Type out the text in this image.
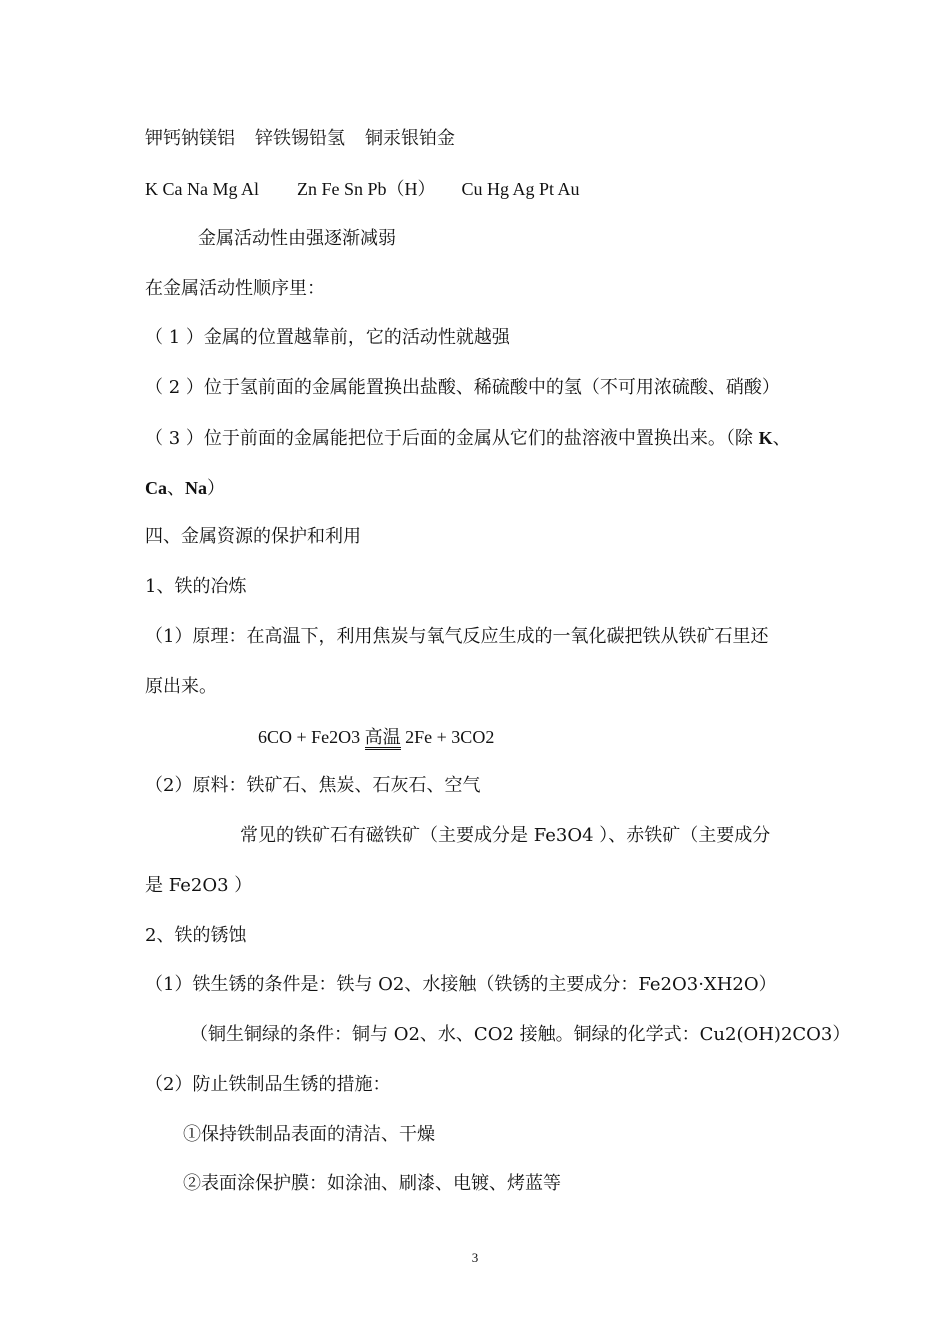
钾钙钠镁铝 锌铁锡铅氢 铜汞银铂金
K Ca Na Mg Al Zn Fe Sn Pb（H） Cu Hg Ag Pt Au
金属活动性由强逐渐减弱
在金属活动性顺序里：
（ 1 ）金属的位置越靠前，它的活动性就越强
（ 2 ）位于氢前面的金属能置换出盐酸、稀硫酸中的氢（不可用浓硫酸、硝酸）
（ 3 ）位于前面的金属能把位于后面的金属从它们的盐溶液中置换出来。（除 K、
Ca、Na）
四、金属资源的保护和利用
1、铁的冶炼
（1）原理：在高温下，利用焦炭与氧气反应生成的一氧化碳把铁从铁矿石里还
原出来。
6CO + Fe2O3 高温 2Fe + 3CO2
（2）原料：铁矿石、焦炭、石灰石、空气
常见的铁矿石有磁铁矿（主要成分是 Fe3O4 ）、赤铁矿（主要成分
是 Fe2O3 ）
2、铁的锈蚀
（1）铁生锈的条件是：铁与 O2、水接触（铁锈的主要成分：Fe2O3·XH2O）
（铜生铜绿的条件：铜与 O2、水、CO2 接触。铜绿的化学式：Cu2(OH)2CO3）
（2）防止铁制品生锈的措施：
①保持铁制品表面的清洁、干燥
②表面涂保护膜：如涂油、刷漆、电镀、烤蓝等
3
